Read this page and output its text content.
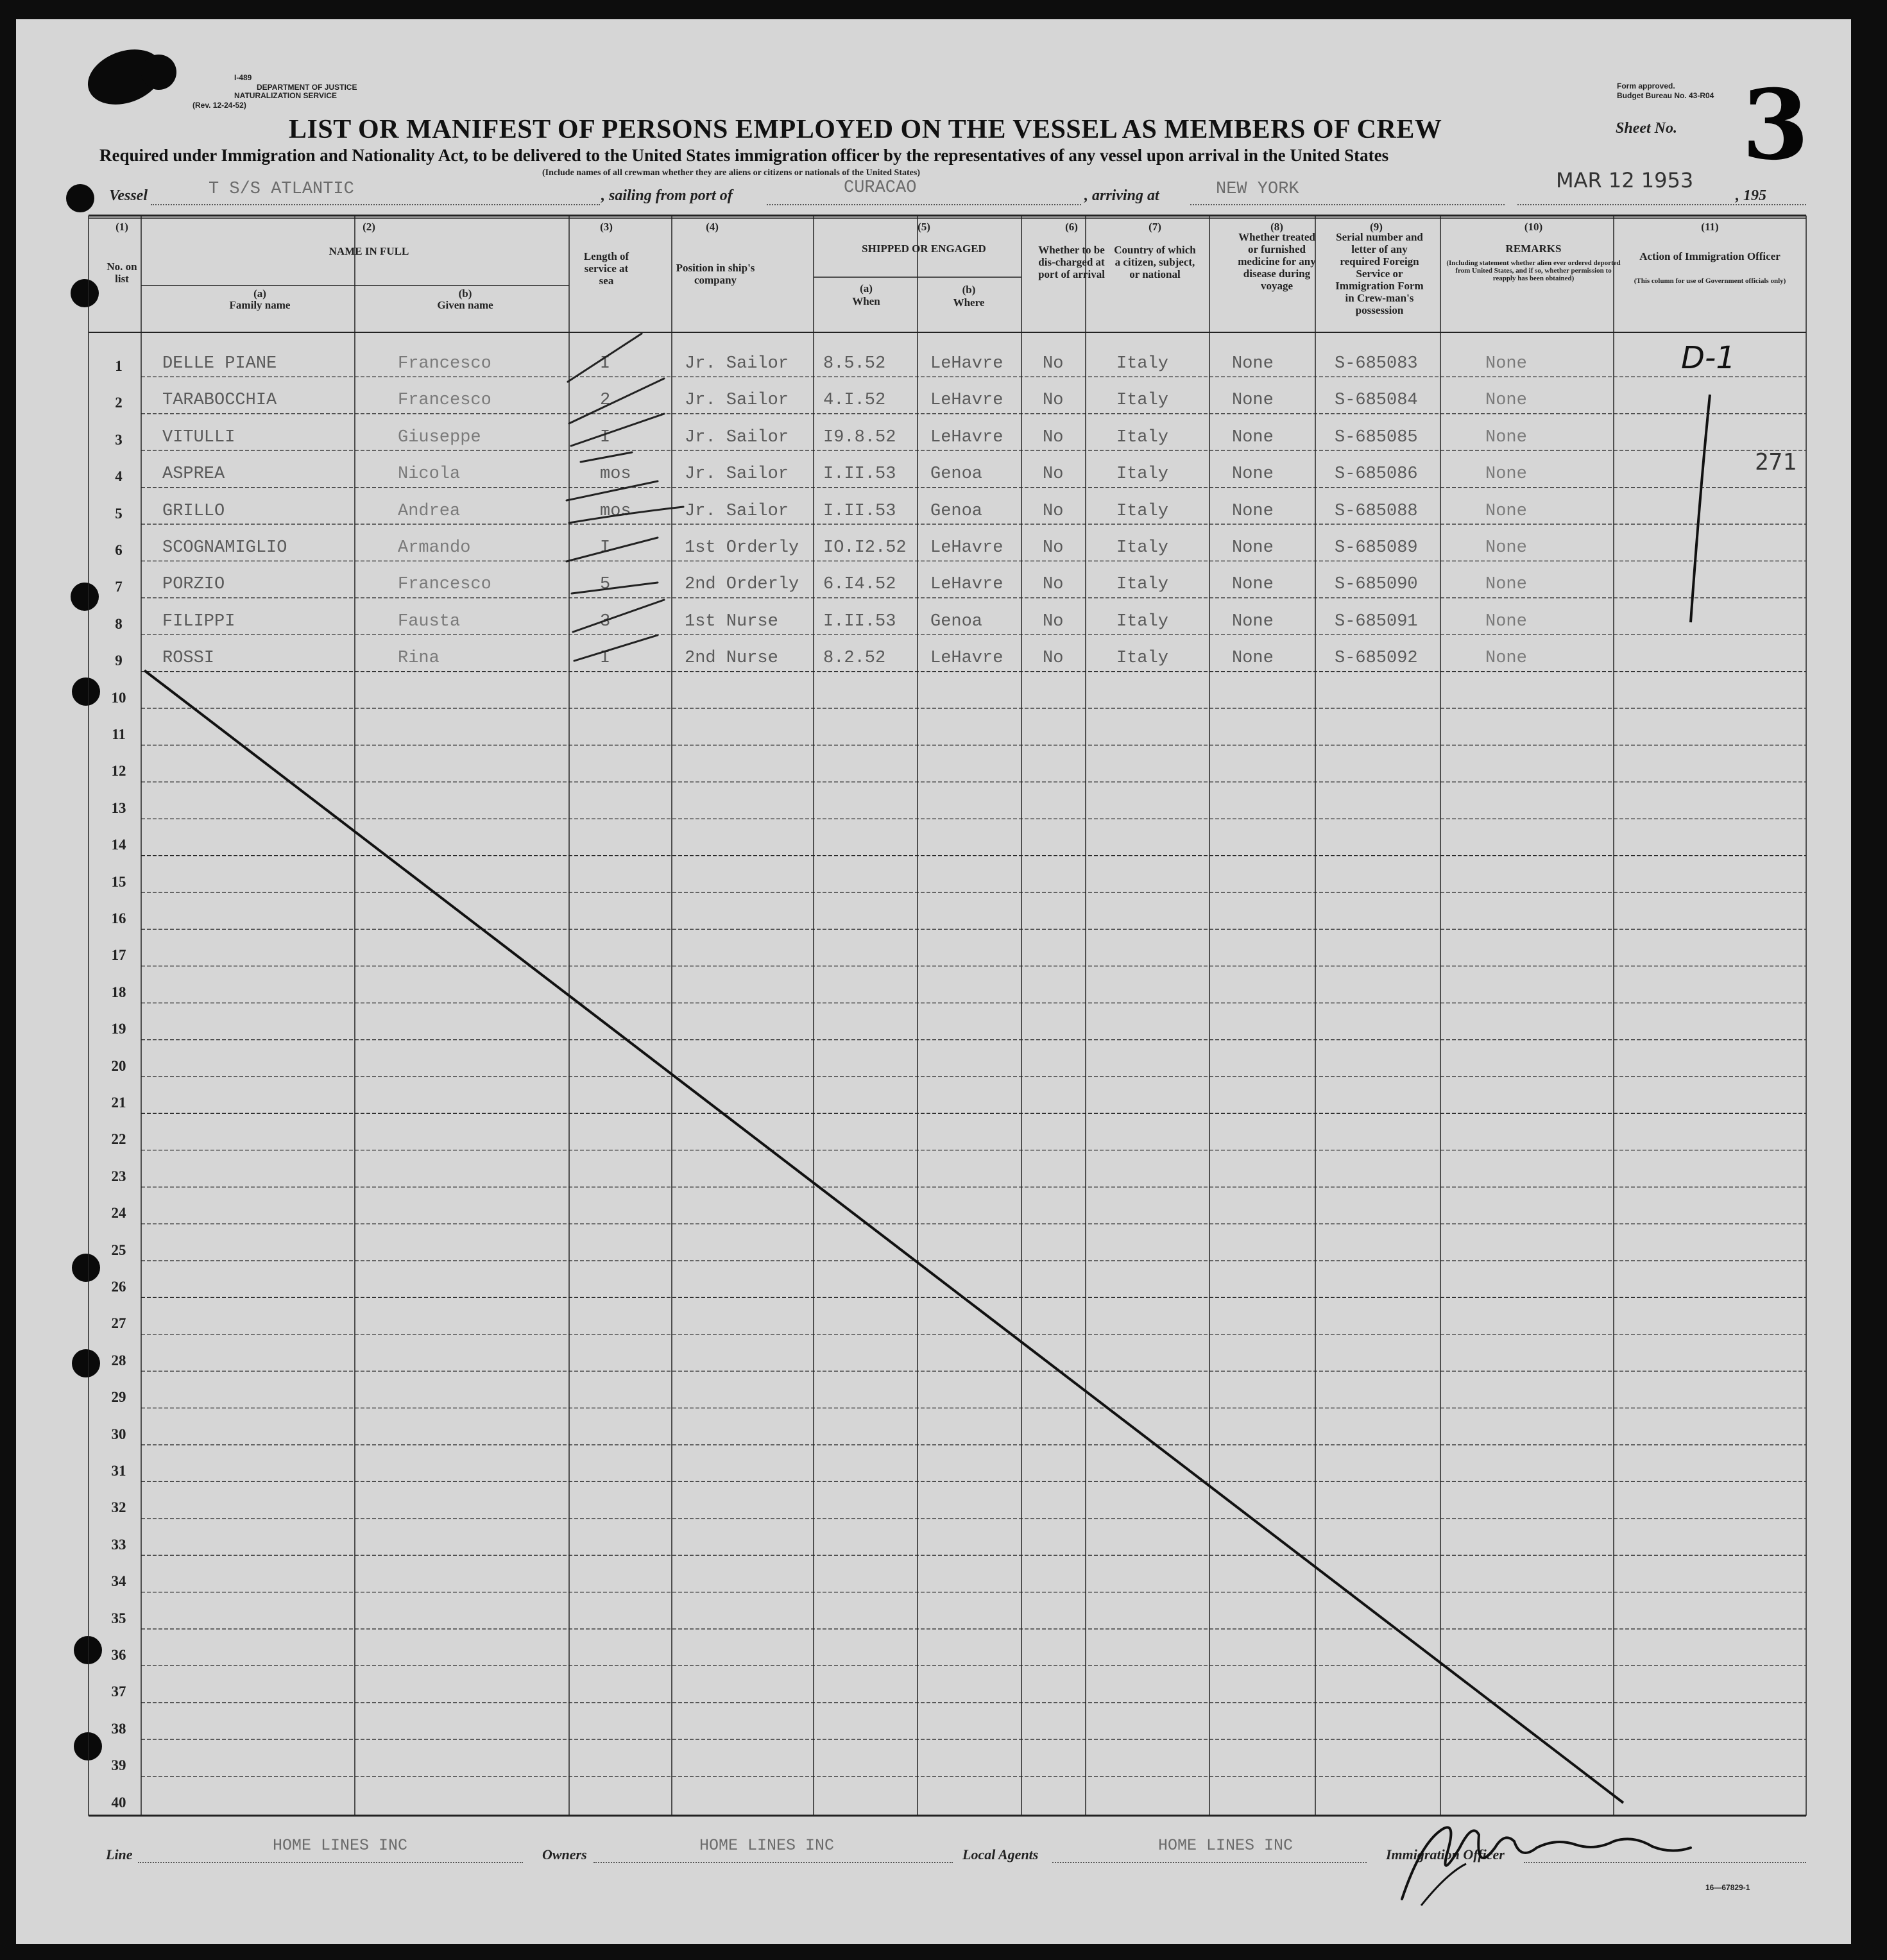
I-489
DEPARTMENT OF JUSTICE
NATURALIZATION SERVICE
(Rev. 12-24-52)
Form approved.
Budget Bureau No. 43-R04
Sheet No. 3
LIST OR MANIFEST OF PERSONS EMPLOYED ON THE VESSEL AS MEMBERS OF CREW
Required under Immigration and Nationality Act, to be delivered to the United States immigration officer by the representatives of any vessel upon arrival in the United States
(Include names of all crewman whether they are aliens or citizens or nationals of the United States)
Vessel	T S/S ATLANTIC	, sailing from port of	CURACAO	, arriving at	NEW YORK	MAR 12 1953
, 195
(1)
No. on list
(2)
NAME IN FULL
(a)
Family name
(b)
Given name
(3)
Length of service at sea
(4)
Position in ship's company
(5)
SHIPPED OR ENGAGED
(a)
When
(b)
Where
(6)
Whether to be dis-charged at port of arrival
(7)
Country of which a citizen, subject, or national
(8)
Whether treated or furnished medicine for any disease during voyage
(9)
Serial number and letter of any required Foreign Service or Immigration Form in Crew-man's possession
(10)
REMARKS
(Including statement whether alien ever ordered deported from United States, and if so, whether permission to reapply has been obtained)
(11)
Action of Immigration Officer
(This column for use of Government officials only)
1
2
3
4
5
6
7
8
9
10
11
12
13
14
15
16
17
18
19
20
21
22
23
24
25
26
27
28
29
30
31
32
33
34
35
36
37
38
39
40
DELLE PIANE	Francesco	I	Jr. Sailor 8.5.52	LeHavre No	Italy	None	S-685083	None
TARABOCCHIA	Francesco	2	Jr. Sailor 4.I.52	LeHavre No	Italy	None	S-685084	None
VITULLI	Giuseppe	I	Jr. Sailor I9.8.52 LeHavre No	Italy	None	S-685085	None
ASPREA	Nicola	mos	Jr. Sailor I.II.53 Genoa	No	Italy	None	S-685086	None
GRILLO	Andrea	mos	Jr. Sailor I.II.53 Genoa	No	Italy	None	S-685088	None
SCOGNAMIGLIO	Armando	I	1st Orderly IO.I2.52 LeHavre No	Italy	None	S-685089	None
PORZIO	Francesco	5	2nd Orderly 6.I4.52 LeHavre No	Italy	None	S-685090	None
FILIPPI	Fausta	3	1st Nurse	I.II.53 Genoa	No	Italy	None	S-685091	None
ROSSI	Rina	I	2nd Nurse	8.2.52	LeHavre No	Italy	None	S-685092	None
D-1
271
Line	HOME LINES INC	Owners	HOME LINES INC	Local Agents	HOME LINES INC	Immigration Officer
16—67829-1
